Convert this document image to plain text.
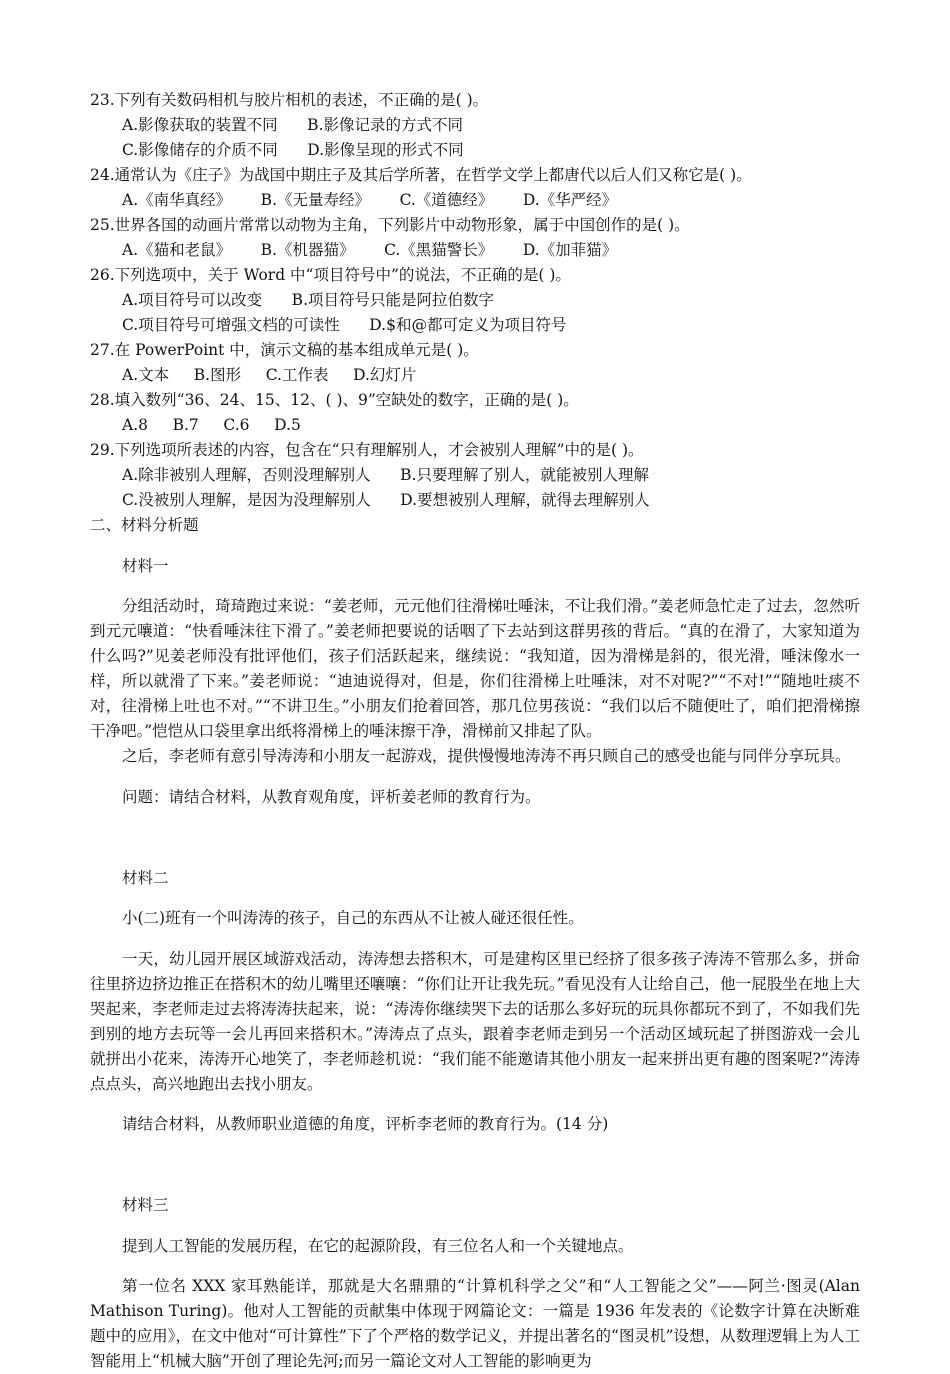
23.下列有关数码相机与胶片相机的表述，不正确的是( )。

A.影像获取的装置不同      B.影像记录的方式不同

C.影像储存的介质不同      D.影像呈现的形式不同

24.通常认为《庄子》为战国中期庄子及其后学所著，在哲学文学上都唐代以后人们又称它是( )。

A.《南华真经》      B.《无量寿经》      C.《道德经》      D.《华严经》

25.世界各国的动画片常常以动物为主角，下列影片中动物形象，属于中国创作的是( )。

A.《猫和老鼠》      B.《机器猫》      C.《黑猫警长》      D.《加菲猫》

26.下列选项中，关于 Word 中“项目符号中”的说法，不正确的是( )。

A.项目符号可以改变      B.项目符号只能是阿拉伯数字

C.项目符号可增强文档的可读性      D.$和@都可定义为项目符号

27.在 PowerPoint 中，演示文稿的基本组成单元是( )。

A.文本     B.图形     C.工作表     D.幻灯片

28.填入数列“36、24、15、12、( )、9”空缺处的数字，正确的是( )。

A.8     B.7     C.6     D.5

29.下列选项所表述的内容，包含在“只有理解别人，才会被别人理解”中的是( )。

A.除非被别人理解，否则没理解别人      B.只要理解了别人，就能被别人理解

C.没被别人理解，是因为没理解别人      D.要想被别人理解，就得去理解别人

二、材料分析题

材料一

分组活动时，琦琦跑过来说：“姜老师，元元他们往滑梯吐唾沫，不让我们滑。”姜老师急忙走了过去，忽然听到元元嚷道：“快看唾沫往下滑了。”姜老师把要说的话咽了下去站到这群男孩的背后。“真的在滑了，大家知道为什么吗?”见姜老师没有批评他们，孩子们活跃起来，继续说：“我知道，因为滑梯是斜的，很光滑，唾沫像水一样，所以就滑了下来。”姜老师说：“迪迪说得对，但是，你们往滑梯上吐唾沫，对不对呢?”“不对!”“随地吐痰不对，往滑梯上吐也不对。”“不讲卫生。”小朋友们抢着回答，那几位男孩说：“我们以后不随便吐了，咱们把滑梯擦干净吧。”恺恺从口袋里拿出纸将滑梯上的唾沫擦干净，滑梯前又排起了队。

之后，李老师有意引导涛涛和小朋友一起游戏，提供慢慢地涛涛不再只顾自己的感受也能与同伴分享玩具。

问题：请结合材料，从教育观角度，评析姜老师的教育行为。

材料二

小(二)班有一个叫涛涛的孩子，自己的东西从不让被人碰还很任性。

一天，幼儿园开展区域游戏活动，涛涛想去搭积木，可是建构区里已经挤了很多孩子涛涛不管那么多，拼命往里挤边挤边推正在搭积木的幼儿嘴里还嚷嚷：“你们让开让我先玩。”看见没有人让给自己，他一屁股坐在地上大哭起来，李老师走过去将涛涛扶起来，说：“涛涛你继续哭下去的话那么多好玩的玩具你都玩不到了，不如我们先到别的地方去玩等一会儿再回来搭积木。”涛涛点了点头，跟着李老师走到另一个活动区域玩起了拼图游戏一会儿就拼出小花来，涛涛开心地笑了，李老师趁机说：“我们能不能邀请其他小朋友一起来拼出更有趣的图案呢?”涛涛点点头，高兴地跑出去找小朋友。

请结合材料，从教师职业道德的角度，评析李老师的教育行为。(14 分)

材料三

提到人工智能的发展历程，在它的起源阶段，有三位名人和一个关键地点。

第一位名 XXX 家耳熟能详，那就是大名鼎鼎的“计算机科学之父”和“人工智能之父”——阿兰·图灵(Alan Mathison Turing)。他对人工智能的贡献集中体现于网篇论文：一篇是 1936 年发表的《论数字计算在决断难题中的应用》，在文中他对“可计算性”下了个严格的数学记义，并提出著名的“图灵机”设想，从数理逻辑上为人工智能用上“机械大脑”开创了理论先河;而另一篇论文对人工智能的影响更为
